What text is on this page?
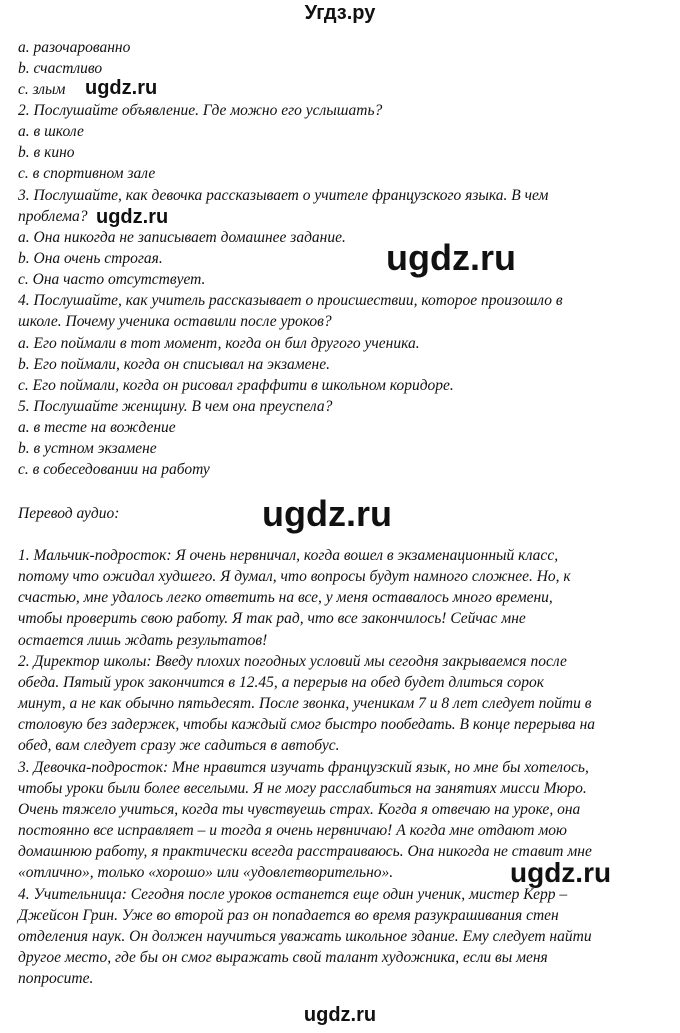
Угдз.ру
a. разочарованно
b. счастливо
c. злым
2. Послушайте объявление. Где можно его услышать?
a. в школе
b. в кино
c. в спортивном зале
3. Послушайте, как девочка рассказывает о учителе французского языка. В чем
проблема?
a. Она никогда не записывает домашнее задание.
b. Она очень строгая.
c. Она часто отсутствует.
4. Послушайте, как учитель рассказывает о происшествии, которое произошло в
школе. Почему ученика оставили после уроков?
a. Его поймали в тот момент, когда он бил другого ученика.
b. Его поймали, когда он списывал на экзамене.
c. Его поймали, когда он рисовал граффити в школьном коридоре.
5. Послушайте женщину. В чем она преуспела?
a. в тесте на вождение
b. в устном экзамене
c. в собеседовании на работу
Перевод аудио:
1. Мальчик-подросток: Я очень нервничал, когда вошел в экзаменационный класс,
потому что ожидал худшего. Я думал, что вопросы будут намного сложнее. Но, к
счастью, мне удалось легко ответить на все, у меня оставалось много времени,
чтобы проверить свою работу. Я так рад, что все закончилось! Сейчас мне
остается лишь ждать результатов!
2. Директор школы: Введу плохих погодных условий мы сегодня закрываемся после
обеда. Пятый урок закончится в 12.45, а перерыв на обед будет длиться сорок
минут, а не как обычно пятьдесят. После звонка, ученикам 7 и 8 лет следует пойти в
столовую без задержек, чтобы каждый смог быстро пообедать. В конце перерыва на
обед, вам следует сразу же садиться в автобус.
3. Девочка-подросток: Мне нравится изучать французский язык, но мне бы хотелось,
чтобы уроки были более веселыми. Я не могу расслабиться на занятиях мисси Мюро.
Очень тяжело учиться, когда ты чувствуешь страх. Когда я отвечаю на уроке, она
постоянно все исправляет – и тогда я очень нервничаю! А когда мне отдают мою
домашнюю работу, я практически всегда расстраиваюсь. Она никогда не ставит мне
«отлично», только «хорошо» или «удовлетворительно».
4. Учительница: Сегодня после уроков останется еще один ученик, мистер Керр –
Джейсон Грин. Уже во второй раз он попадается во время разукрашивания стен
отделения наук. Он должен научиться уважать школьное здание. Ему следует найти
другое место, где бы он смог выражать свой талант художника, если вы меня
попросите.
ugdz.ru
ugdz.ru
ugdz.ru
ugdz.ru
ugdz.ru
ugdz.ru
